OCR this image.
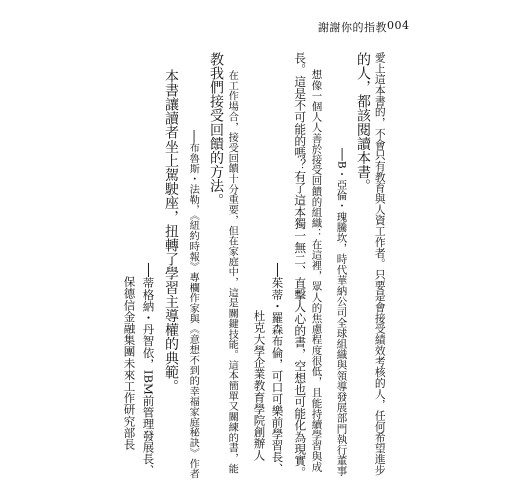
謝謝你的指教 004
愛上這本書的，不會只有教育與人資工作者。只要是會接受績效考核的人，任何希望進步
的人，都該閱讀本書。
──B・亞倫・瑰騰坎，時代華納公司全球組織與領導發展部門執行董事
想像一個人人善於接受回饋的組織：在這裡，眾人的焦慮程度很低，且能持續學習與成
長。這是不可能的嗎？有了這本獨一無二、直擊人心的書，空想也可能化為現實。
──茱蒂・羅森布倫，可口可樂前學習長、
杜克大學企業教育學院創辦人
在工作場合，接受回饋十分重要，但在家庭中，這是關鍵技能。這本簡單又關練的書，能
教我們接受回饋的方法。
──布魯斯・法勒，《紐約時報》專欄作家與《意想不到的幸福家庭秘訣》作者
本書讓讀者坐上駕駛座，扭轉了學習主導權的典範。
──蒂格納・丹智依，IBM前管理發展長、
保德信金融集團未來工作研究部長
